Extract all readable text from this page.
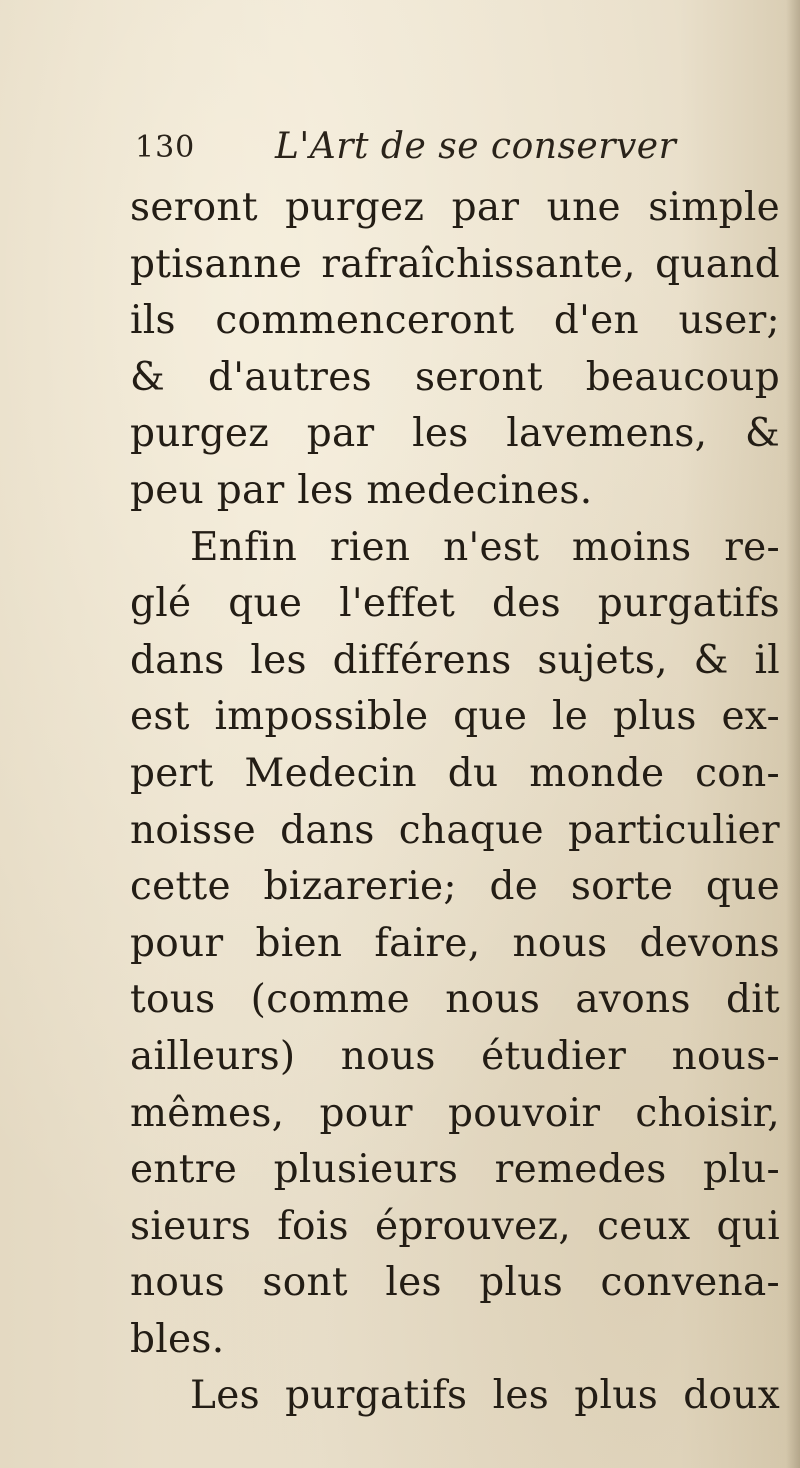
130 L'Art de se conserver
seront purgez par une simple
ptisanne rafraîchissante, quand
ils commenceront d'en user;
& d'autres seront beaucoup
purgez par les lavemens, &
peu par les medecines.
Enfin rien n'est moins re-
glé que l'effet des purgatifs
dans les différens sujets, & il
est impossible que le plus ex-
pert Medecin du monde con-
noisse dans chaque particulier
cette bizarerie; de sorte que
pour bien faire, nous devons
tous (comme nous avons dit
ailleurs) nous étudier nous-
mêmes, pour pouvoir choisir,
entre plusieurs remedes plu-
sieurs fois éprouvez, ceux qui
nous sont les plus convena-
bles.
Les purgatifs les plus doux
